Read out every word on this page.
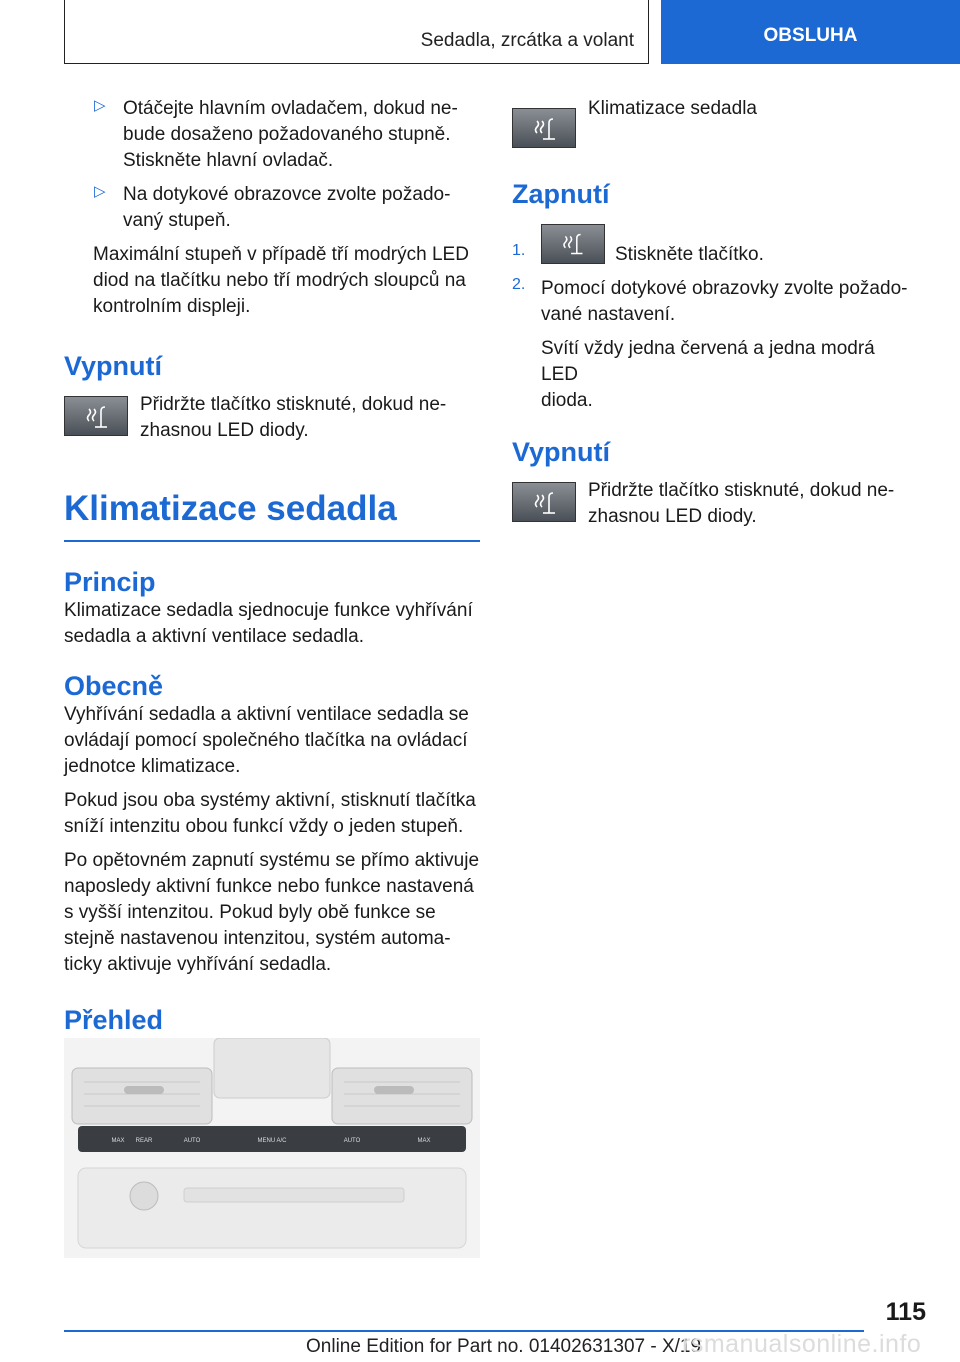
Sedadla, zrcátka a volant	OBSLUHA
▷ Otáčejte hlavním ovladačem, dokud ne-
bude dosaženo požadovaného stupně.
Stiskněte hlavní ovladač.

▷ Na dotykové obrazovce zvolte požado-
vaný stupeň.

Maximální stupeň v případě tří modrých LED
diod na tlačítku nebo tří modrých sloupců na
kontrolním displeji.

Vypnutí

Přidržte tlačítko stisknuté, dokud ne-
zhasnou LED diody.

Klimatizace sedadla
Princip

Klimatizace sedadla sjednocuje funkce vyhřívání
sedadla a aktivní ventilace sedadla.

Obecně

Vyhřívání sedadla a aktivní ventilace sedadla se
ovládají pomocí společného tlačítka na ovládací
jednotce klimatizace.

Pokud jsou oba systémy aktivní, stisknutí tlačítka
sníží intenzitu obou funkcí vždy o jeden stupeň.

Po opětovném zapnutí systému se přímo aktivuje
naposledy aktivní funkce nebo funkce nastavená
s vyšší intenzitou. Pokud byly obě funkce se
stejně nastavenou intenzitou, systém automa-
ticky aktivuje vyhřívání sedadla.

Přehled
MAX REAR	AUTO	MENU A/C	AUTO	MAX

Klimatizace sedadla

Zapnutí
1.	Stiskněte tlačítko.

2. Pomocí dotykové obrazovky zvolte požado-
vané nastavení.

Svítí vždy jedna červená a jedna modrá LED
dioda.

Vypnutí

Přidržte tlačítko stisknuté, dokud ne-
zhasnou LED diody.

115
Online Edition for Part no. 01402631307 - X/19
rsmanualsonline.info
